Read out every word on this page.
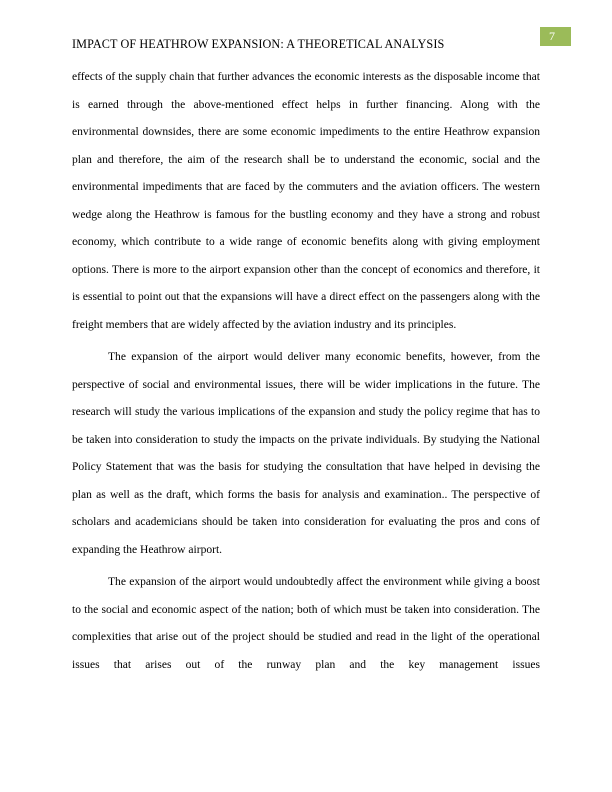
IMPACT OF HEATHROW EXPANSION: A THEORETICAL ANALYSIS
7

effects of the supply chain that further advances the economic interests as the disposable income that is earned through the above-mentioned effect helps in further financing. Along with the environmental downsides, there are some economic impediments to the entire Heathrow expansion plan and therefore, the aim of the research shall be to understand the economic, social and the environmental impediments that are faced by the commuters and the aviation officers. The western wedge along the Heathrow is famous for the bustling economy and they have a strong and robust economy, which contribute to a wide range of economic benefits along with giving employment options. There is more to the airport expansion other than the concept of economics and therefore, it is essential to point out that the expansions will have a direct effect on the passengers along with the freight members that are widely affected by the aviation industry and its principles.

The expansion of the airport would deliver many economic benefits, however, from the perspective of social and environmental issues, there will be wider implications in the future. The research will study the various implications of the expansion and study the policy regime that has to be taken into consideration to study the impacts on the private individuals. By studying the National Policy Statement that was the basis for studying the consultation that have helped in devising the plan as well as the draft, which forms the basis for analysis and examination.. The perspective of scholars and academicians should be taken into consideration for evaluating the pros and cons of expanding the Heathrow airport.

The expansion of the airport would undoubtedly affect the environment while giving a boost to the social and economic aspect of the nation; both of which must be taken into consideration. The complexities that arise out of the project should be studied and read in the light of the operational issues that arises out of the runway plan and the key management issues
